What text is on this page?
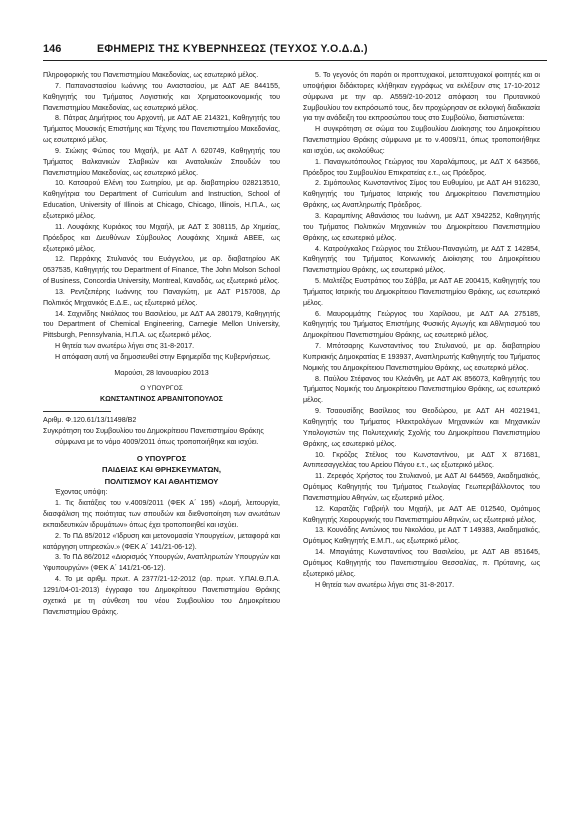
146	ΕΦΗΜΕΡΙΣ ΤΗΣ ΚΥΒΕΡΝΗΣΕΩΣ (ΤΕΥΧΟΣ Υ.Ο.Δ.Δ.)

Πληροφορικής του Πανεπιστημίου Μακεδονίας, ως εσωτερικό μέλος.

7. Παπαναστασίου Ιωάννης του Αναστασίου, με ΑΔΤ ΑΕ 844155, Καθηγητής του Τμήματος Λογιστικής και Χρηματοοικονομικής του Πανεπιστημίου Μακεδονίας, ως εσωτερικό μέλος.

8. Πάτρας Δημήτριος του Αρχοντή, με ΑΔΤ ΑΕ 214321, Καθηγητής του Τμήματος Μουσικής Επιστήμης και Τέχνης του Πανεπιστημίου Μακεδονίας, ως εσωτερικό μέλος.

9. Σιώκης Φώτιος του Μιχαήλ, με ΑΔΤ Λ 620749, Καθηγητής του Τμήματος Βαλκανικών Σλαβικών και Ανατολικών Σπουδών του Πανεπιστημίου Μακεδονίας, ως εσωτερικό μέλος.

10. Κατσαρού Ελένη του Σωτηρίου, με αρ. διαβατηρίου 028213510, Καθηγήτρια του Department of Curriculum and Instruction, School of Education, University of Illinois at Chicago, Chicago, Illinois, Η.Π.Α., ως εξωτερικό μέλος.

11. Λουφάκης Κυριάκος του Μιχαήλ, με ΑΔΤ Σ 308115, Δρ Χημείας, Πρόεδρος και Διευθύνων Σύμβουλος Λουφάκης Χημικά ΑΒΕΕ, ως εξωτερικό μέλος.

12. Περράκης Στυλιανός του Ευάγγελου, με αρ. διαβατηρίου ΑΚ 0537535, Καθηγητής του Department of Finance, The John Molson School of Business, Concordia University, Montreal, Καναδάς, ως εξωτερικό μέλος.

13. Ρεντζεπέρης Ιωάννης του Παναγιώτη, με ΑΔΤ Ρ157008, Δρ Πολιτικός Μηχανικός Ε.Δ.Ε., ως εξωτερικό μέλος.

14. Σαχινίδης Νικόλαος του Βασιλείου, με ΑΔΤ ΑΑ 280179, Καθηγητής του Department of Chemical Engineering, Carnegie Mellon University, Pittsburgh, Pennsylvania, Η.Π.Α. ως εξωτερικό μέλος.

Η θητεία των ανωτέρω λήγει στις 31-8-2017.

Η απόφαση αυτή να δημοσιευθεί στην Εφημερίδα της Κυβερνήσεως.

Μαρούσι, 28 Ιανουαρίου 2013

Ο ΥΠΟΥΡΓΟΣ

ΚΩΝΣΤΑΝΤΙΝΟΣ ΑΡΒΑΝΙΤΟΠΟΥΛΟΣ

Αριθμ. Φ.120.61/13/11498/Β2

Συγκρότηση του Συμβουλίου του Δημοκρίτειου Πανεπιστημίου Θράκης σύμφωνα με το νόμο 4009/2011 όπως τροποποιήθηκε και ισχύει.

Ο ΥΠΟΥΡΓΟΣ

ΠΑΙΔΕΙΑΣ ΚΑΙ ΘΡΗΣΚΕΥΜΑΤΩΝ,

ΠΟΛΙΤΙΣΜΟΥ ΚΑΙ ΑΘΛΗΤΙΣΜΟΥ

Έχοντας υπόψη:

1. Τις διατάξεις του ν.4009/2011 (ΦΕΚ Α΄ 195) «Δομή, λειτουργία, διασφάλιση της ποιότητας των σπουδών και διεθνοποίηση των ανωτάτων εκπαιδευτικών ιδρυμάτων» όπως έχει τροποποιηθεί και ισχύει.

2. Το ΠΔ 85/2012 «Ίδρυση και μετονομασία Υπουργείων, μεταφορά και κατάργηση υπηρεσιών.» (ΦΕΚ Α΄ 141/21-06-12).

3. Το ΠΔ 86/2012 «Διορισμός Υπουργών, Αναπληρωτών Υπουργών και Υφυπουργών» (ΦΕΚ Α΄ 141/21-06-12).

4. Το με αριθμ. πρωτ. Α 2377/21-12-2012 (αρ. πρωτ. Υ.ΠΑΙ.Θ.Π.Α. 1291/04-01-2013) έγγραφο του Δημοκρίτειου Πανεπιστημίου Θράκης σχετικά με τη σύνθεση του νέου Συμβουλίου του Δημοκρίτειου Πανεπιστημίου Θράκης.

5. Το γεγονός ότι παρότι οι προπτυχιακοί, μεταπτυχιακοί φοιτητές και οι υποψήφιοι διδάκτορες κλήθηκαν εγγράφως να εκλέξουν στις 17-10-2012 σύμφωνα με την αρ. Α559/2-10-2012 απόφαση του Πρυτανικού Συμβουλίου τον εκπρόσωπό τους, δεν προχώρησαν σε εκλογική διαδικασία για την ανάδειξη του εκπροσώπου τους στο Συμβούλιο, διαπιστώνεται:

Η συγκρότηση σε σώμα του Συμβουλίου Διοίκησης του Δημοκρίτειου Πανεπιστημίου Θράκης σύμφωνα με το ν.4009/11, όπως τροποποιήθηκε και ισχύει, ως ακολούθως:

1. Παναγιωτόπουλος Γεώργιος του Χαραλάμπους, με ΑΔΤ Χ 643566, Πρόεδρος του Συμβουλίου Επικρατείας ε.τ., ως Πρόεδρος.

2. Σιμόπουλος Κωνσταντίνος Σίμος του Ευθυμίου, με ΑΔΤ ΑΗ 916230, Καθηγητής του Τμήματος Ιατρικής του Δημοκρίτειου Πανεπιστημίου Θράκης, ως Αναπληρωτής Πρόεδρος.

3. Καραμπίνης Αθανάσιος του Ιωάννη, με ΑΔΤ Χ942252, Καθηγητής του Τμήματος Πολιτικών Μηχανικών του Δημοκρίτειου Πανεπιστημίου Θράκης, ως εσωτερικό μέλος.

4. Κατρούγκαλος Γεώργιος του Στέλιου-Παναγιώτη, με ΑΔΤ Σ 142854, Καθηγητής του Τμήματος Κοινωνικής Διοίκησης του Δημοκρίτειου Πανεπιστημίου Θράκης, ως εσωτερικό μέλος.

5. Μαλτέζος Ευστράτιος του Σάββα, με ΑΔΤ ΑΕ 200415, Καθηγητής του Τμήματος Ιατρικής του Δημοκρίτειου Πανεπιστημίου Θράκης, ως εσωτερικό μέλος.

6. Μαυρομμάτης Γεώργιος του Χαρίλαου, με ΑΔΤ ΑΑ 275185, Καθηγητής του Τμήματος Επιστήμης Φυσικής Αγωγής και Αθλητισμού του Δημοκρίτειου Πανεπιστημίου Θράκης, ως εσωτερικό μέλος.

7. Μπότσαρης Κωνσταντίνος του Στυλιανού, με αρ. διαβατηρίου Κυπριακής Δημοκρατίας Ε 193937, Αναπληρωτής Καθηγητής του Τμήματος Νομικής του Δημοκρίτειου Πανεπιστημίου Θράκης, ως εσωτερικό μέλος.

8. Παύλου Στέφανος του Κλεάνθη, με ΑΔΤ ΑΚ 856073, Καθηγητής του Τμήματος Νομικής του Δημοκρίτειου Πανεπιστημίου Θράκης, ως εσωτερικό μέλος.

9. Τσαουσίδης Βασίλειος του Θεοδώρου, με ΑΔΤ ΑΗ 4021941, Καθηγητής του Τμήματος Ηλεκτρολόγων Μηχανικών και Μηχανικών Υπολογιστών της Πολυτεχνικής Σχολής του Δημοκρίτειου Πανεπιστημίου Θράκης, ως εσωτερικό μέλος.

10. Γκρόζος Στέλιος του Κωνσταντίνου, με ΑΔΤ Χ 871681, Αντιπεσαγγελέας του Αρείου Πάγου ε.τ., ως εξωτερικό μέλος.

11. Ζερεφός Χρήστος του Στυλιανού, με ΑΔΤ ΑΙ 644569, Ακαδημαϊκός, Ομότιμος Καθηγητής του Τμήματος Γεωλογίας Γεωπεριβάλλοντος του Πανεπιστημίου Αθηνών, ως εξωτερικό μέλος.

12. Καρατζάς Γαβριήλ του Μιχαήλ, με ΑΔΤ ΑΕ 012540, Ομότιμος Καθηγητής Χειρουργικής του Πανεπιστημίου Αθηνών, ως εξωτερικό μέλος.

13. Κουνάδης Αντώνιος του Νικολάου, με ΑΔΤ Τ 149383, Ακαδημαϊκός, Ομότιμος Καθηγητής Ε.Μ.Π., ως εξωτερικό μέλος.

14. Μπαγιάτης Κωνσταντίνος του Βασιλείου, με ΑΔΤ ΑΒ 851645, Ομότιμος Καθηγητής του Πανεπιστημίου Θεσσαλίας, π. Πρύτανης, ως εξωτερικό μέλος.

Η θητεία των ανωτέρω λήγει στις 31-8-2017.
